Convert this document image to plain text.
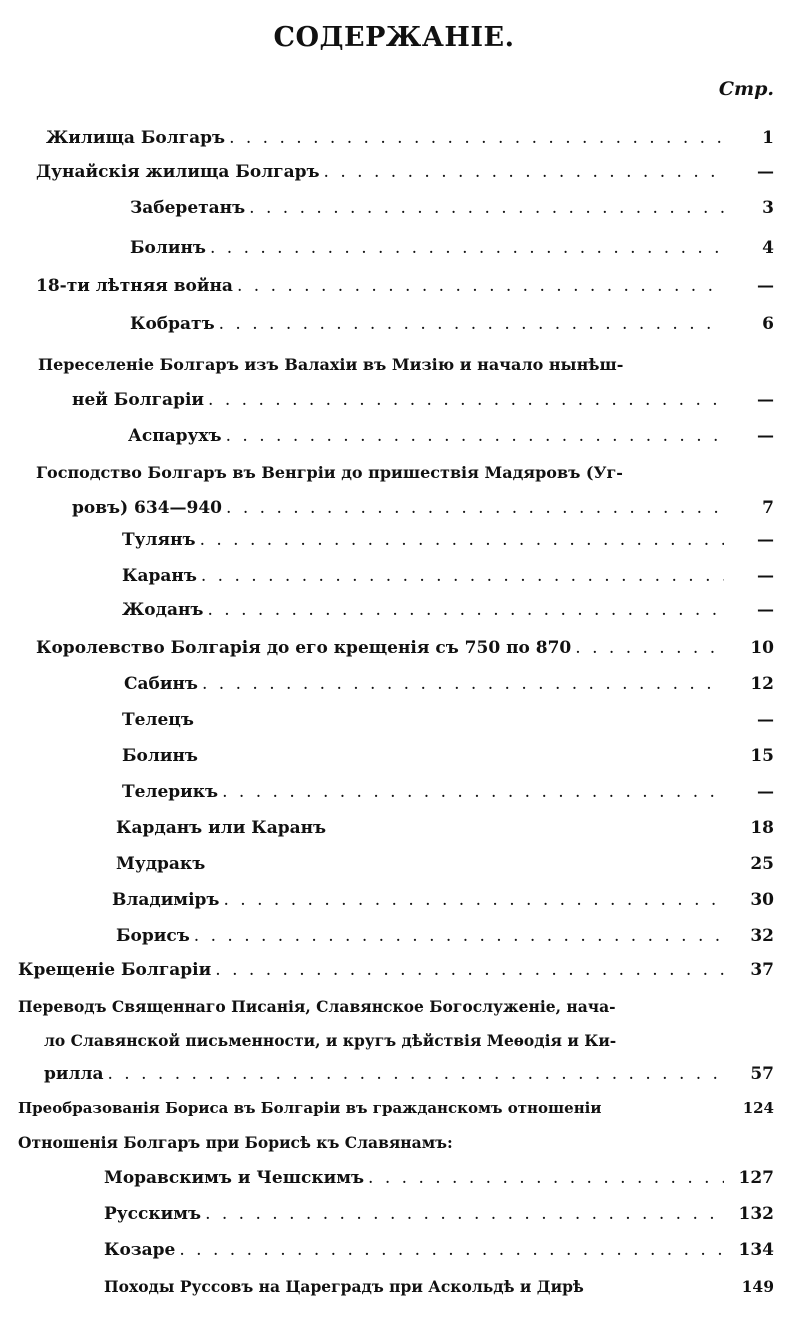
СОДЕРЖАНІЕ.
Стр.
Жилища Болгаръ . . .	1
Дунайскія жилища Болгаръ . . .	—
Заберетанъ . . .	3
Болинъ . . .	4
18-ти лѣтняя война . . .	—
Кобратъ . . .	6
Переселеніе Болгаръ изъ Валахіи въ Мизію и начало нынѣш-
ней Болгаріи . . .	—
Аспарухъ . . .	—
Господство Болгаръ въ Венгріи до пришествія Мадяровъ (Уг-
ровъ) 634—940 . . .	7
Тулянъ . . .	—
Каранъ . . .	—
Жоданъ . . .	—
Королевство Болгарія до его крещенія съ 750 по 870 . . .	10
Сабинъ . . .	12
Телецъ	—
Болинъ	15
Телерикъ . . .	—
Карданъ или Каранъ	18
Мудракъ	25
Владиміръ . . .	30
Борисъ . . .	32
Крещеніе Болгаріи . . .	37
Переводъ Священнаго Писанія, Славянское Богослуженіе, нача-
ло Славянской письменности, и кругъ дѣйствія Меѳодія и Ки-
рилла . . .	57
Преобразованія Бориса въ Болгаріи въ гражданскомъ отношеніи	124
Отношенія Болгаръ при Борисѣ къ Славянамъ:
Моравскимъ и Чешскимъ . . .	127
Русскимъ . . .	132
Козаре . . .	134
Походы Руссовъ на Цареградъ при Аскольдѣ и Дирѣ	149
